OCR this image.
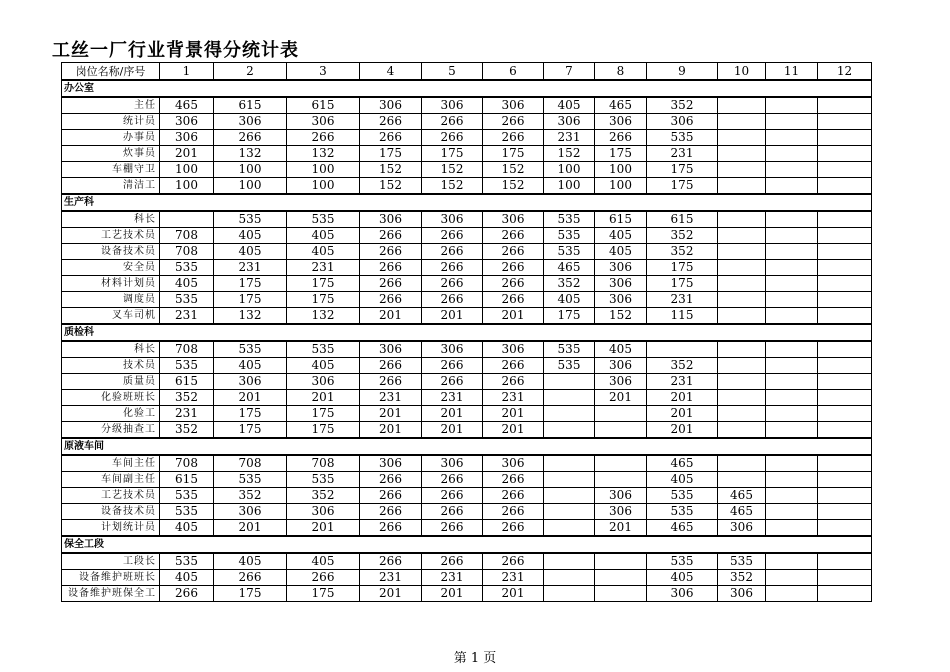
工丝一厂行业背景得分统计表
岗位名称/序号	1	2	3	4	5	6	7	8	9	10	11	12
办公室												
主任	465	615	615	306	306	306	405	465	352			
统计员	306	306	306	266	266	266	306	306	306			
办事员	306	266	266	266	266	266	231	266	535			
炊事员	201	132	132	175	175	175	152	175	231			
车棚守卫	100	100	100	152	152	152	100	100	175			
清洁工	100	100	100	152	152	152	100	100	175			
生产科												
科长		535	535	306	306	306	535	615	615			
工艺技术员	708	405	405	266	266	266	535	405	352			
设备技术员	708	405	405	266	266	266	535	405	352			
安全员	535	231	231	266	266	266	465	306	175			
材料计划员	405	175	175	266	266	266	352	306	175			
调度员	535	175	175	266	266	266	405	306	231			
叉车司机	231	132	132	201	201	201	175	152	115			
质检科												
科长	708	535	535	306	306	306	535	405				
技术员	535	405	405	266	266	266	535	306	352			
质量员	615	306	306	266	266	266		306	231			
化验班班长	352	201	201	231	231	231		201	201			
化验工	231	175	175	201	201	201			201			
分级抽查工	352	175	175	201	201	201			201			
原液车间												
车间主任	708	708	708	306	306	306			465			
车间副主任	615	535	535	266	266	266			405			
工艺技术员	535	352	352	266	266	266		306	535	465		
设备技术员	535	306	306	266	266	266		306	535	465		
计划统计员	405	201	201	266	266	266		201	465	306		
保全工段												
工段长	535	405	405	266	266	266			535	535		
设备维护班班长	405	266	266	231	231	231			405	352		
设备维护班保全工	266	175	175	201	201	201			306	306		
第 1 页
